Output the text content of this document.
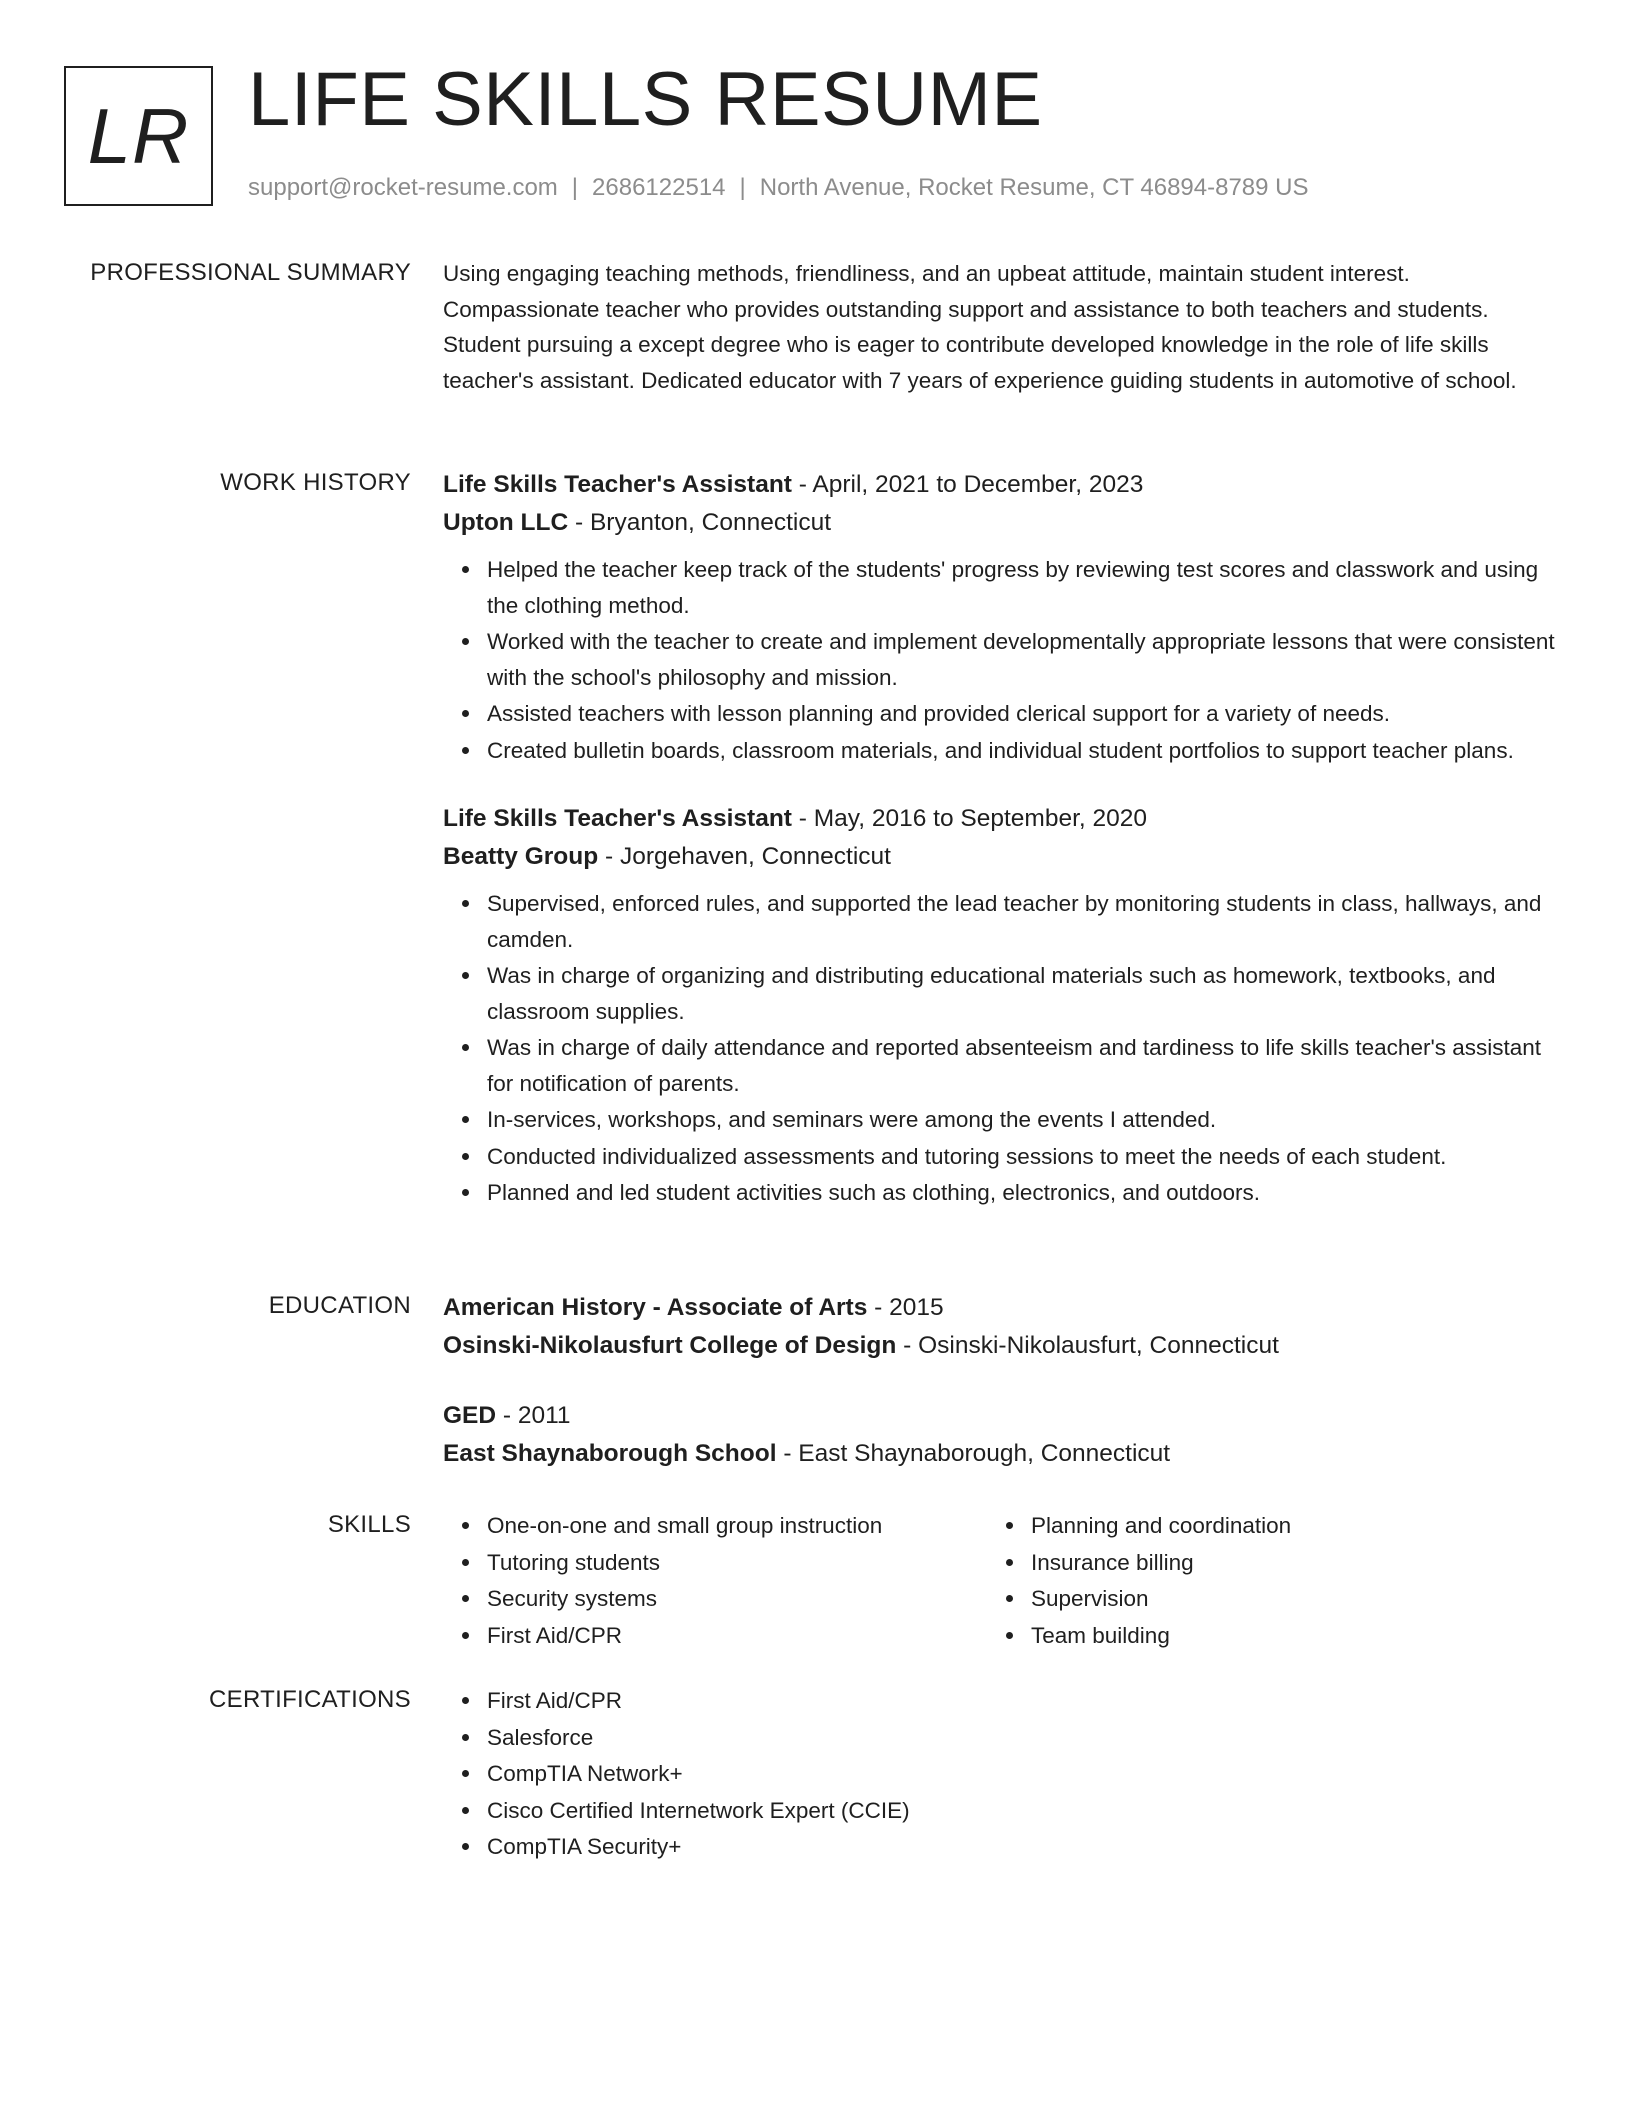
LR LIFE SKILLS RESUME
support@rocket-resume.com | 2686122514 | North Avenue, Rocket Resume, CT 46894-8789 US
PROFESSIONAL SUMMARY Using engaging teaching methods, friendliness, and an upbeat attitude, maintain student interest. Compassionate teacher who provides outstanding support and assistance to both teachers and students. Student pursuing a except degree who is eager to contribute developed knowledge in the role of life skills teacher's assistant. Dedicated educator with 7 years of experience guiding students in automotive of school.

WORK HISTORY Life Skills Teacher's Assistant - April, 2021 to December, 2023
Upton LLC - Bryanton, Connecticut
Helped the teacher keep track of the students' progress by reviewing test scores and classwork and using the clothing method.
Worked with the teacher to create and implement developmentally appropriate lessons that were consistent with the school's philosophy and mission.
Assisted teachers with lesson planning and provided clerical support for a variety of needs.
Created bulletin boards, classroom materials, and individual student portfolios to support teacher plans.
Life Skills Teacher's Assistant - May, 2016 to September, 2020
Beatty Group - Jorgehaven, Connecticut
Supervised, enforced rules, and supported the lead teacher by monitoring students in class, hallways, and camden.
Was in charge of organizing and distributing educational materials such as homework, textbooks, and classroom supplies.
Was in charge of daily attendance and reported absenteeism and tardiness to life skills teacher's assistant for notification of parents.
In-services, workshops, and seminars were among the events I attended.
Conducted individualized assessments and tutoring sessions to meet the needs of each student.
Planned and led student activities such as clothing, electronics, and outdoors.
EDUCATION American History - Associate of Arts - 2015
Osinski-Nikolausfurt College of Design - Osinski-Nikolausfurt, Connecticut
GED - 2011
East Shaynaborough School - East Shaynaborough, Connecticut
SKILLS	One-on-one and small group instruction
Tutoring students
Security systems
First Aid/CPR
Planning and coordination
Insurance billing
Supervision
Team building
CERTIFICATIONS	First Aid/CPR
Salesforce
CompTIA Network+
Cisco Certified Internetwork Expert (CCIE)
CompTIA Security+
